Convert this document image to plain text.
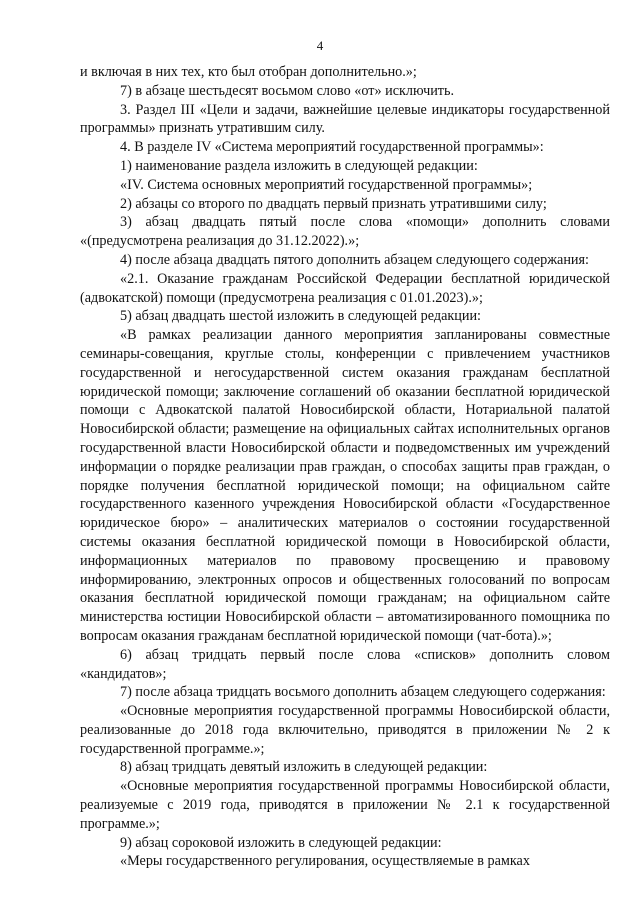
4

и включая в них тех, кто был отобран дополнительно.»;

7) в абзаце шестьдесят восьмом слово «от» исключить.

3. Раздел III «Цели и задачи, важнейшие целевые индикаторы государственной программы» признать утратившим силу.

4. В разделе IV «Система мероприятий государственной программы»:

1) наименование раздела изложить в следующей редакции:

«IV. Система основных мероприятий государственной программы»;

2) абзацы со второго по двадцать первый признать утратившими силу;

3) абзац двадцать пятый после слова «помощи» дополнить словами «(предусмотрена реализация до 31.12.2022).»;

4) после абзаца двадцать пятого дополнить абзацем следующего содержания:

«2.1. Оказание гражданам Российской Федерации бесплатной юридической (адвокатской) помощи (предусмотрена реализация с 01.01.2023).»;

5) абзац двадцать шестой изложить в следующей редакции:

«В рамках реализации данного мероприятия запланированы совместные семинары-совещания, круглые столы, конференции с привлечением участников государственной и негосударственной систем оказания гражданам бесплатной юридической помощи; заключение соглашений об оказании бесплатной юридической помощи с Адвокатской палатой Новосибирской области, Нотариальной палатой Новосибирской области; размещение на официальных сайтах исполнительных органов государственной власти Новосибирской области и подведомственных им учреждений информации о порядке реализации прав граждан, о способах защиты прав граждан, о порядке получения бесплатной юридической помощи; на официальном сайте государственного казенного учреждения Новосибирской области «Государственное юридическое бюро» – аналитических материалов о состоянии государственной системы оказания бесплатной юридической помощи в Новосибирской области, информационных материалов по правовому просвещению и правовому информированию, электронных опросов и общественных голосований по вопросам оказания бесплатной юридической помощи гражданам; на официальном сайте министерства юстиции Новосибирской области – автоматизированного помощника по вопросам оказания гражданам бесплатной юридической помощи (чат-бота).»;

6) абзац тридцать первый после слова «списков» дополнить словом «кандидатов»;

7) после абзаца тридцать восьмого дополнить абзацем следующего содержания:

«Основные мероприятия государственной программы Новосибирской области, реализованные до 2018 года включительно, приводятся в приложении № 2 к государственной программе.»;

8) абзац тридцать девятый изложить в следующей редакции:

«Основные мероприятия государственной программы Новосибирской области, реализуемые с 2019 года, приводятся в приложении № 2.1 к государственной программе.»;

9) абзац сороковой изложить в следующей редакции:

«Меры государственного регулирования, осуществляемые в рамках
